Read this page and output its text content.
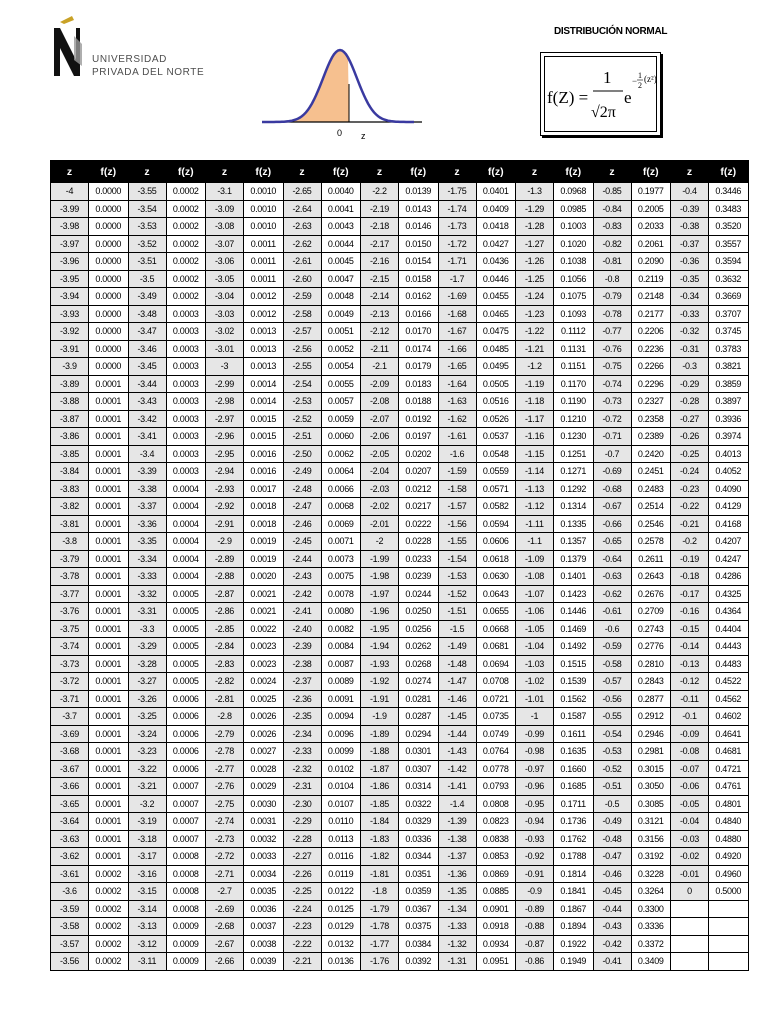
UNIVERSIDAD
PRIVADA DEL NORTE
0 z
DISTRIBUCIÓN NORMAL
f(Z) =
1
√2π
e
−
1
2
(z²)
z	f(z)	z	f(z)	z	f(z)	z	f(z)	z	f(z)	z	f(z)	z	f(z)	z	f(z)	z	f(z)
-4	0.0000	-3.55	0.0002	-3.1	0.0010	-2.65	0.0040	-2.2	0.0139	-1.75	0.0401	-1.3	0.0968	-0.85	0.1977	-0.4	0.3446
-3.99	0.0000	-3.54	0.0002	-3.09	0.0010	-2.64	0.0041	-2.19	0.0143	-1.74	0.0409	-1.29	0.0985	-0.84	0.2005	-0.39	0.3483
-3.98	0.0000	-3.53	0.0002	-3.08	0.0010	-2.63	0.0043	-2.18	0.0146	-1.73	0.0418	-1.28	0.1003	-0.83	0.2033	-0.38	0.3520
-3.97	0.0000	-3.52	0.0002	-3.07	0.0011	-2.62	0.0044	-2.17	0.0150	-1.72	0.0427	-1.27	0.1020	-0.82	0.2061	-0.37	0.3557
-3.96	0.0000	-3.51	0.0002	-3.06	0.0011	-2.61	0.0045	-2.16	0.0154	-1.71	0.0436	-1.26	0.1038	-0.81	0.2090	-0.36	0.3594
-3.95	0.0000	-3.5	0.0002	-3.05	0.0011	-2.60	0.0047	-2.15	0.0158	-1.7	0.0446	-1.25	0.1056	-0.8	0.2119	-0.35	0.3632
-3.94	0.0000	-3.49	0.0002	-3.04	0.0012	-2.59	0.0048	-2.14	0.0162	-1.69	0.0455	-1.24	0.1075	-0.79	0.2148	-0.34	0.3669
-3.93	0.0000	-3.48	0.0003	-3.03	0.0012	-2.58	0.0049	-2.13	0.0166	-1.68	0.0465	-1.23	0.1093	-0.78	0.2177	-0.33	0.3707
-3.92	0.0000	-3.47	0.0003	-3.02	0.0013	-2.57	0.0051	-2.12	0.0170	-1.67	0.0475	-1.22	0.1112	-0.77	0.2206	-0.32	0.3745
-3.91	0.0000	-3.46	0.0003	-3.01	0.0013	-2.56	0.0052	-2.11	0.0174	-1.66	0.0485	-1.21	0.1131	-0.76	0.2236	-0.31	0.3783
-3.9	0.0000	-3.45	0.0003	-3	0.0013	-2.55	0.0054	-2.1	0.0179	-1.65	0.0495	-1.2	0.1151	-0.75	0.2266	-0.3	0.3821
-3.89	0.0001	-3.44	0.0003	-2.99	0.0014	-2.54	0.0055	-2.09	0.0183	-1.64	0.0505	-1.19	0.1170	-0.74	0.2296	-0.29	0.3859
-3.88	0.0001	-3.43	0.0003	-2.98	0.0014	-2.53	0.0057	-2.08	0.0188	-1.63	0.0516	-1.18	0.1190	-0.73	0.2327	-0.28	0.3897
-3.87	0.0001	-3.42	0.0003	-2.97	0.0015	-2.52	0.0059	-2.07	0.0192	-1.62	0.0526	-1.17	0.1210	-0.72	0.2358	-0.27	0.3936
-3.86	0.0001	-3.41	0.0003	-2.96	0.0015	-2.51	0.0060	-2.06	0.0197	-1.61	0.0537	-1.16	0.1230	-0.71	0.2389	-0.26	0.3974
-3.85	0.0001	-3.4	0.0003	-2.95	0.0016	-2.50	0.0062	-2.05	0.0202	-1.6	0.0548	-1.15	0.1251	-0.7	0.2420	-0.25	0.4013
-3.84	0.0001	-3.39	0.0003	-2.94	0.0016	-2.49	0.0064	-2.04	0.0207	-1.59	0.0559	-1.14	0.1271	-0.69	0.2451	-0.24	0.4052
-3.83	0.0001	-3.38	0.0004	-2.93	0.0017	-2.48	0.0066	-2.03	0.0212	-1.58	0.0571	-1.13	0.1292	-0.68	0.2483	-0.23	0.4090
-3.82	0.0001	-3.37	0.0004	-2.92	0.0018	-2.47	0.0068	-2.02	0.0217	-1.57	0.0582	-1.12	0.1314	-0.67	0.2514	-0.22	0.4129
-3.81	0.0001	-3.36	0.0004	-2.91	0.0018	-2.46	0.0069	-2.01	0.0222	-1.56	0.0594	-1.11	0.1335	-0.66	0.2546	-0.21	0.4168
-3.8	0.0001	-3.35	0.0004	-2.9	0.0019	-2.45	0.0071	-2	0.0228	-1.55	0.0606	-1.1	0.1357	-0.65	0.2578	-0.2	0.4207
-3.79	0.0001	-3.34	0.0004	-2.89	0.0019	-2.44	0.0073	-1.99	0.0233	-1.54	0.0618	-1.09	0.1379	-0.64	0.2611	-0.19	0.4247
-3.78	0.0001	-3.33	0.0004	-2.88	0.0020	-2.43	0.0075	-1.98	0.0239	-1.53	0.0630	-1.08	0.1401	-0.63	0.2643	-0.18	0.4286
-3.77	0.0001	-3.32	0.0005	-2.87	0.0021	-2.42	0.0078	-1.97	0.0244	-1.52	0.0643	-1.07	0.1423	-0.62	0.2676	-0.17	0.4325
-3.76	0.0001	-3.31	0.0005	-2.86	0.0021	-2.41	0.0080	-1.96	0.0250	-1.51	0.0655	-1.06	0.1446	-0.61	0.2709	-0.16	0.4364
-3.75	0.0001	-3.3	0.0005	-2.85	0.0022	-2.40	0.0082	-1.95	0.0256	-1.5	0.0668	-1.05	0.1469	-0.6	0.2743	-0.15	0.4404
-3.74	0.0001	-3.29	0.0005	-2.84	0.0023	-2.39	0.0084	-1.94	0.0262	-1.49	0.0681	-1.04	0.1492	-0.59	0.2776	-0.14	0.4443
-3.73	0.0001	-3.28	0.0005	-2.83	0.0023	-2.38	0.0087	-1.93	0.0268	-1.48	0.0694	-1.03	0.1515	-0.58	0.2810	-0.13	0.4483
-3.72	0.0001	-3.27	0.0005	-2.82	0.0024	-2.37	0.0089	-1.92	0.0274	-1.47	0.0708	-1.02	0.1539	-0.57	0.2843	-0.12	0.4522
-3.71	0.0001	-3.26	0.0006	-2.81	0.0025	-2.36	0.0091	-1.91	0.0281	-1.46	0.0721	-1.01	0.1562	-0.56	0.2877	-0.11	0.4562
-3.7	0.0001	-3.25	0.0006	-2.8	0.0026	-2.35	0.0094	-1.9	0.0287	-1.45	0.0735	-1	0.1587	-0.55	0.2912	-0.1	0.4602
-3.69	0.0001	-3.24	0.0006	-2.79	0.0026	-2.34	0.0096	-1.89	0.0294	-1.44	0.0749	-0.99	0.1611	-0.54	0.2946	-0.09	0.4641
-3.68	0.0001	-3.23	0.0006	-2.78	0.0027	-2.33	0.0099	-1.88	0.0301	-1.43	0.0764	-0.98	0.1635	-0.53	0.2981	-0.08	0.4681
-3.67	0.0001	-3.22	0.0006	-2.77	0.0028	-2.32	0.0102	-1.87	0.0307	-1.42	0.0778	-0.97	0.1660	-0.52	0.3015	-0.07	0.4721
-3.66	0.0001	-3.21	0.0007	-2.76	0.0029	-2.31	0.0104	-1.86	0.0314	-1.41	0.0793	-0.96	0.1685	-0.51	0.3050	-0.06	0.4761
-3.65	0.0001	-3.2	0.0007	-2.75	0.0030	-2.30	0.0107	-1.85	0.0322	-1.4	0.0808	-0.95	0.1711	-0.5	0.3085	-0.05	0.4801
-3.64	0.0001	-3.19	0.0007	-2.74	0.0031	-2.29	0.0110	-1.84	0.0329	-1.39	0.0823	-0.94	0.1736	-0.49	0.3121	-0.04	0.4840
-3.63	0.0001	-3.18	0.0007	-2.73	0.0032	-2.28	0.0113	-1.83	0.0336	-1.38	0.0838	-0.93	0.1762	-0.48	0.3156	-0.03	0.4880
-3.62	0.0001	-3.17	0.0008	-2.72	0.0033	-2.27	0.0116	-1.82	0.0344	-1.37	0.0853	-0.92	0.1788	-0.47	0.3192	-0.02	0.4920
-3.61	0.0002	-3.16	0.0008	-2.71	0.0034	-2.26	0.0119	-1.81	0.0351	-1.36	0.0869	-0.91	0.1814	-0.46	0.3228	-0.01	0.4960
-3.6	0.0002	-3.15	0.0008	-2.7	0.0035	-2.25	0.0122	-1.8	0.0359	-1.35	0.0885	-0.9	0.1841	-0.45	0.3264	0	0.5000
-3.59	0.0002	-3.14	0.0008	-2.69	0.0036	-2.24	0.0125	-1.79	0.0367	-1.34	0.0901	-0.89	0.1867	-0.44	0.3300		
-3.58	0.0002	-3.13	0.0009	-2.68	0.0037	-2.23	0.0129	-1.78	0.0375	-1.33	0.0918	-0.88	0.1894	-0.43	0.3336		
-3.57	0.0002	-3.12	0.0009	-2.67	0.0038	-2.22	0.0132	-1.77	0.0384	-1.32	0.0934	-0.87	0.1922	-0.42	0.3372		
-3.56	0.0002	-3.11	0.0009	-2.66	0.0039	-2.21	0.0136	-1.76	0.0392	-1.31	0.0951	-0.86	0.1949	-0.41	0.3409		
